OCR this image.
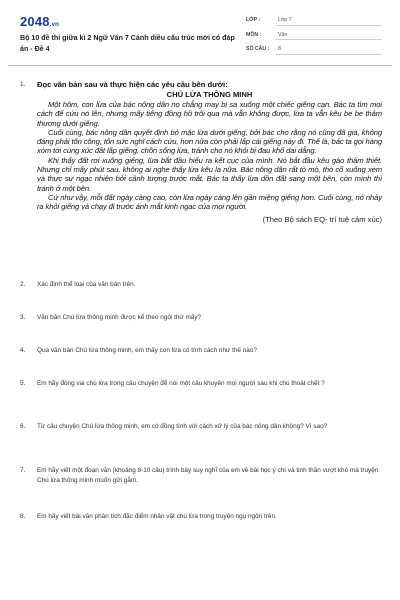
2048.vn
Bộ 10 đề thi giữa kì 2 Ngữ Văn 7 Cánh diều cấu trúc mới có đáp án - Đề 4
LỚP :	Lớp 7
MÔN :	Văn
SỐ CÂU : 8
1.	Đọc văn bản sau và thực hiện các yêu cầu bên dưới:
CHÚ LỪA THÔNG MINH

Một hôm, con lừa của bác nông dân nọ chẳng may bị sa xuống một chiếc giếng cạn. Bác ta tìm mọi cách để cứu nó lên, nhưng mấy tiếng đồng hồ trôi qua mà vẫn không được, lừa ta vẫn kêu be be thảm thương dưới giếng.

Cuối cùng, bác nông dân quyết định bỏ mặc lừa dưới giếng, bởi bác cho rằng nó cũng đã già, không đáng phải tốn công, tốn sức nghĩ cách cứu, hơn nữa còn phải lấp cái giếng này đi. Thế là, bác ta gọi hàng xóm tới cùng xúc đất lấp giếng, chôn sống lừa, tránh cho nó khỏi bị đau khổ dai dẳng.

Khi thấy đất rơi xuống giếng, lừa bắt đầu hiểu ra kết cục của mình. Nó bắt đầu kêu gào thảm thiết. Nhưng chỉ mấy phút sau, không ai nghe thấy lừa kêu la nữa. Bác nông dân rất tò mò, thò cổ xuống xem và thực sự ngạc nhiên bởi cảnh tượng trước mắt. Bác ta thấy lừa dồn đất sang một bên, còn mình thì tránh ở một bên.

Cứ như vậy, mỗi đất ngày càng cao, còn lừa ngày càng lên gần miệng giếng hơn. Cuối cùng, nó nhảy ra khỏi giếng và chạy đi trước ánh mắt kinh ngạc của mọi người.

(Theo Bộ sách EQ- trí tuệ cảm xúc)
2.	Xác định thể loại của văn bản trên.
3.	Văn bản Chú lừa thông minh được kể theo ngôi thứ mấy?
4.	Qua văn bản Chú lừa thông minh, em thấy con lừa có tính cách như thế nào?
5.	Em hãy đóng vai chú lừa trong câu chuyện để nói một câu khuyên mọi người sau khi chú thoát chết ?
6.	Từ câu chuyện Chú lừa thông minh, em có đồng tình với cách xử lý của bác nông dân không? Vì sao?
7.	Em hãy viết một đoạn văn (khoảng 8-10 câu) trình bày suy nghĩ của em về bài học ý chí và tinh thần vượt khó mà truyện Chú lừa thông minh muốn gửi gắm.
8.	Em hãy viết bài văn phân tích đặc điểm nhân vật chú lừa trong truyện ngụ ngôn trên.
